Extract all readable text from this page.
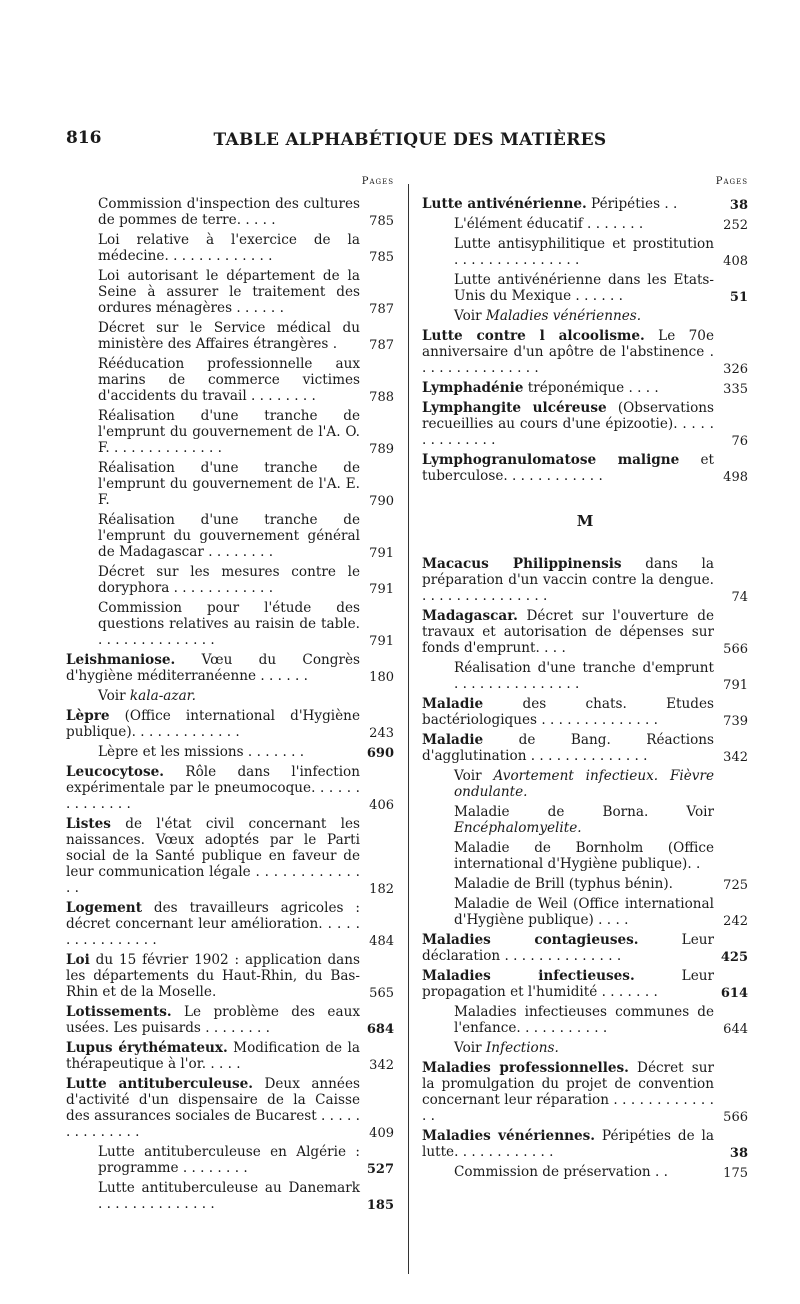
816	TABLE ALPHABÉTIQUE DES MATIÈRES
Pages
Commission d'inspection des cultures de pommes de terre. . . . .	785
Loi relative à l'exercice de la médecine. . . . . . . . . . . . .	785
Loi autorisant le département de la Seine à assurer le traitement des ordures ménagères . . . . . .	787
Décret sur le Service médical du ministère des Affaires étrangères . 787
Rééducation professionnelle aux marins de commerce victimes d'accidents du travail . . . . . . . .	788
Réalisation d'une tranche de l'emprunt du gouvernement de l'A. O. F. . . . . . . . . . . . . .	789
Réalisation d'une tranche de l'emprunt du gouvernement de l'A. E. F.	790
Réalisation d'une tranche de l'emprunt du gouvernement général de Madagascar . . . . . . . .	791
Décret sur les mesures contre le doryphora . . . . . . . . . . . .	791
Commission pour l'étude des questions relatives au raisin de table. . . . . . . . . . . . . . .	791
Leishmaniose. Vœu du Congrès d'hygiène méditerranéenne . . . . . .	180
Voir kala-azar.
Lèpre (Office international d'Hygiène publique). . . . . . . . . . . . .	243
Lèpre et les missions . . . . . . .	690
Leucocytose. Rôle dans l'infection expérimentale par le pneumocoque. . . . . . . . . . . . . .	406
Listes de l'état civil concernant les naissances. Vœux adoptés par le Parti social de la Santé publique en faveur de leur communication légale . . . . . . . . . . . . . .	182
Logement des travailleurs agricoles : décret concernant leur amélioration. . . . . . . . . . . . . . . .	484
Loi du 15 février 1902 : application dans les départements du Haut-Rhin, du Bas-Rhin et de la Moselle.	565
Lotissements. Le problème des eaux usées. Les puisards . . . . . . . .	684
Lupus érythémateux. Modification de la thérapeutique à l'or. . . . .	342
Lutte antituberculeuse. Deux années d'activité d'un dispensaire de la Caisse des assurances sociales de Bucarest . . . . . . . . . . . . . .	409
Lutte antituberculeuse en Algérie : programme . . . . . . . .	527
Lutte antituberculeuse au Danemark . . . . . . . . . . . . . .	185
Pages
Lutte antivénérienne. Péripéties . .	38
L'élément éducatif . . . . . . .	252
Lutte antisyphilitique et prostitution . . . . . . . . . . . . . . .	408
Lutte antivénérienne dans les Etats-Unis du Mexique . . . . . .	51
Voir Maladies vénériennes.
Lutte contre l alcoolisme. Le 70e anniversaire d'un apôtre de l'abstinence . . . . . . . . . . . . . . .	326
Lymphadénie tréponémique . . . .	335
Lymphangite ulcéreuse (Observations recueillies au cours d'une épizootie). . . . . . . . . . . . . .	76
Lymphogranulomatose maligne et tuberculose. . . . . . . . . . . .	498
M
Macacus Philippinensis dans la préparation d'un vaccin contre la dengue. . . . . . . . . . . . . . . .	74
Madagascar. Décret sur l'ouverture de travaux et autorisation de dépenses sur fonds d'emprunt. . . .	566
Réalisation d'une tranche d'emprunt . . . . . . . . . . . . . . .	791
Maladie des chats. Etudes bactériologiques . . . . . . . . . . . . . .	739
Maladie de Bang. Réactions d'agglutination . . . . . . . . . . . . . .	342
Voir Avortement infectieux. Fièvre ondulante.
Maladie de Borna. Voir Encéphalomyelite.
Maladie de Bornholm (Office international d'Hygiène publique). .
Maladie de Brill (typhus bénin).	725
Maladie de Weil (Office international d'Hygiène publique) . . . .	242
Maladies contagieuses. Leur déclaration . . . . . . . . . . . . . .	425
Maladies infectieuses. Leur propagation et l'humidité . . . . . . .	614
Maladies infectieuses communes de l'enfance. . . . . . . . . . .	644
Voir Infections.
Maladies professionnelles. Décret sur la promulgation du projet de convention concernant leur réparation . . . . . . . . . . . . . .	566
Maladies vénériennes. Péripéties de la lutte. . . . . . . . . . . .	38
Commission de préservation . .	175
